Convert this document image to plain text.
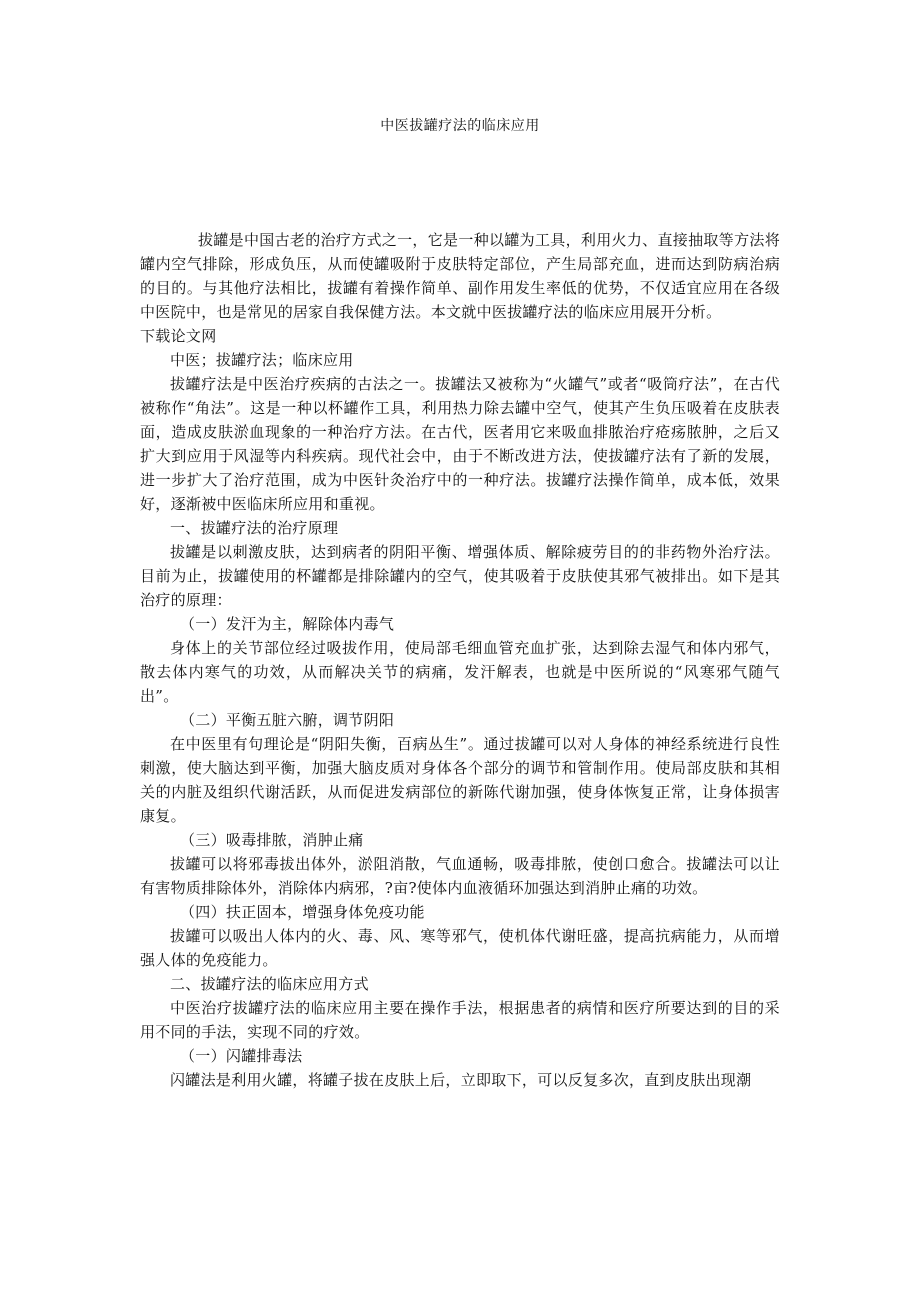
中医拔罐疗法的临床应用

拔罐是中国古老的治疗方式之一，它是一种以罐为工具，利用火力、直接抽取等方法将罐内空气排除，形成负压，从而使罐吸附于皮肤特定部位，产生局部充血，进而达到防病治病的目的。与其他疗法相比，拔罐有着操作简单、副作用发生率低的优势，不仅适宜应用在各级中医院中，也是常见的居家自我保健方法。本文就中医拔罐疗法的临床应用展开分析。

下载论文网

中医；拔罐疗法；临床应用

拔罐疗法是中医治疗疾病的古法之一。拔罐法又被称为“火罐气”或者“吸筒疗法”，在古代被称作“角法”。这是一种以杯罐作工具，利用热力除去罐中空气，使其产生负压吸着在皮肤表面，造成皮肤淤血现象的一种治疗方法。在古代，医者用它来吸血排脓治疗疮疡脓肿，之后又扩大到应用于风湿等内科疾病。现代社会中，由于不断改进方法，使拔罐疗法有了新的发展，进一步扩大了治疗范围，成为中医针灸治疗中的一种疗法。拔罐疗法操作简单，成本低，效果好，逐渐被中医临床所应用和重视。

一、拔罐疗法的治疗原理

拔罐是以刺激皮肤，达到病者的阴阳平衡、增强体质、解除疲劳目的的非药物外治疗法。目前为止，拔罐使用的杯罐都是排除罐内的空气，使其吸着于皮肤使其邪气被排出。如下是其治疗的原理：

（一）发汗为主，解除体内毒气

身体上的关节部位经过吸拔作用，使局部毛细血管充血扩张，达到除去湿气和体内邪气，散去体内寒气的功效，从而解决关节的病痛，发汗解表，也就是中医所说的“风寒邪气随气出”。

（二）平衡五脏六腑，调节阴阳

在中医里有句理论是“阴阳失衡，百病丛生”。通过拔罐可以对人身体的神经系统进行良性刺激，使大脑达到平衡，加强大脑皮质对身体各个部分的调节和管制作用。使局部皮肤和其相关的内脏及组织代谢活跃，从而促进发病部位的新陈代谢加强，使身体恢复正常，让身体损害康复。

（三）吸毒排脓，消肿止痛

拔罐可以将邪毒拔出体外，淤阻消散，气血通畅，吸毒排脓，使创口愈合。拔罐法可以让有害物质排除体外，消除体内病邪，?亩?使体内血液循环加强达到消肿止痛的功效。

（四）扶正固本，增强身体免疫功能

拔罐可以吸出人体内的火、毒、风、寒等邪气，使机体代谢旺盛，提高抗病能力，从而增强人体的免疫能力。

二、拔罐疗法的临床应用方式

中医治疗拔罐疗法的临床应用主要在操作手法，根据患者的病情和医疗所要达到的目的采用不同的手法，实现不同的疗效。

（一）闪罐排毒法

闪罐法是利用火罐，将罐子拔在皮肤上后，立即取下，可以反复多次，直到皮肤出现潮
